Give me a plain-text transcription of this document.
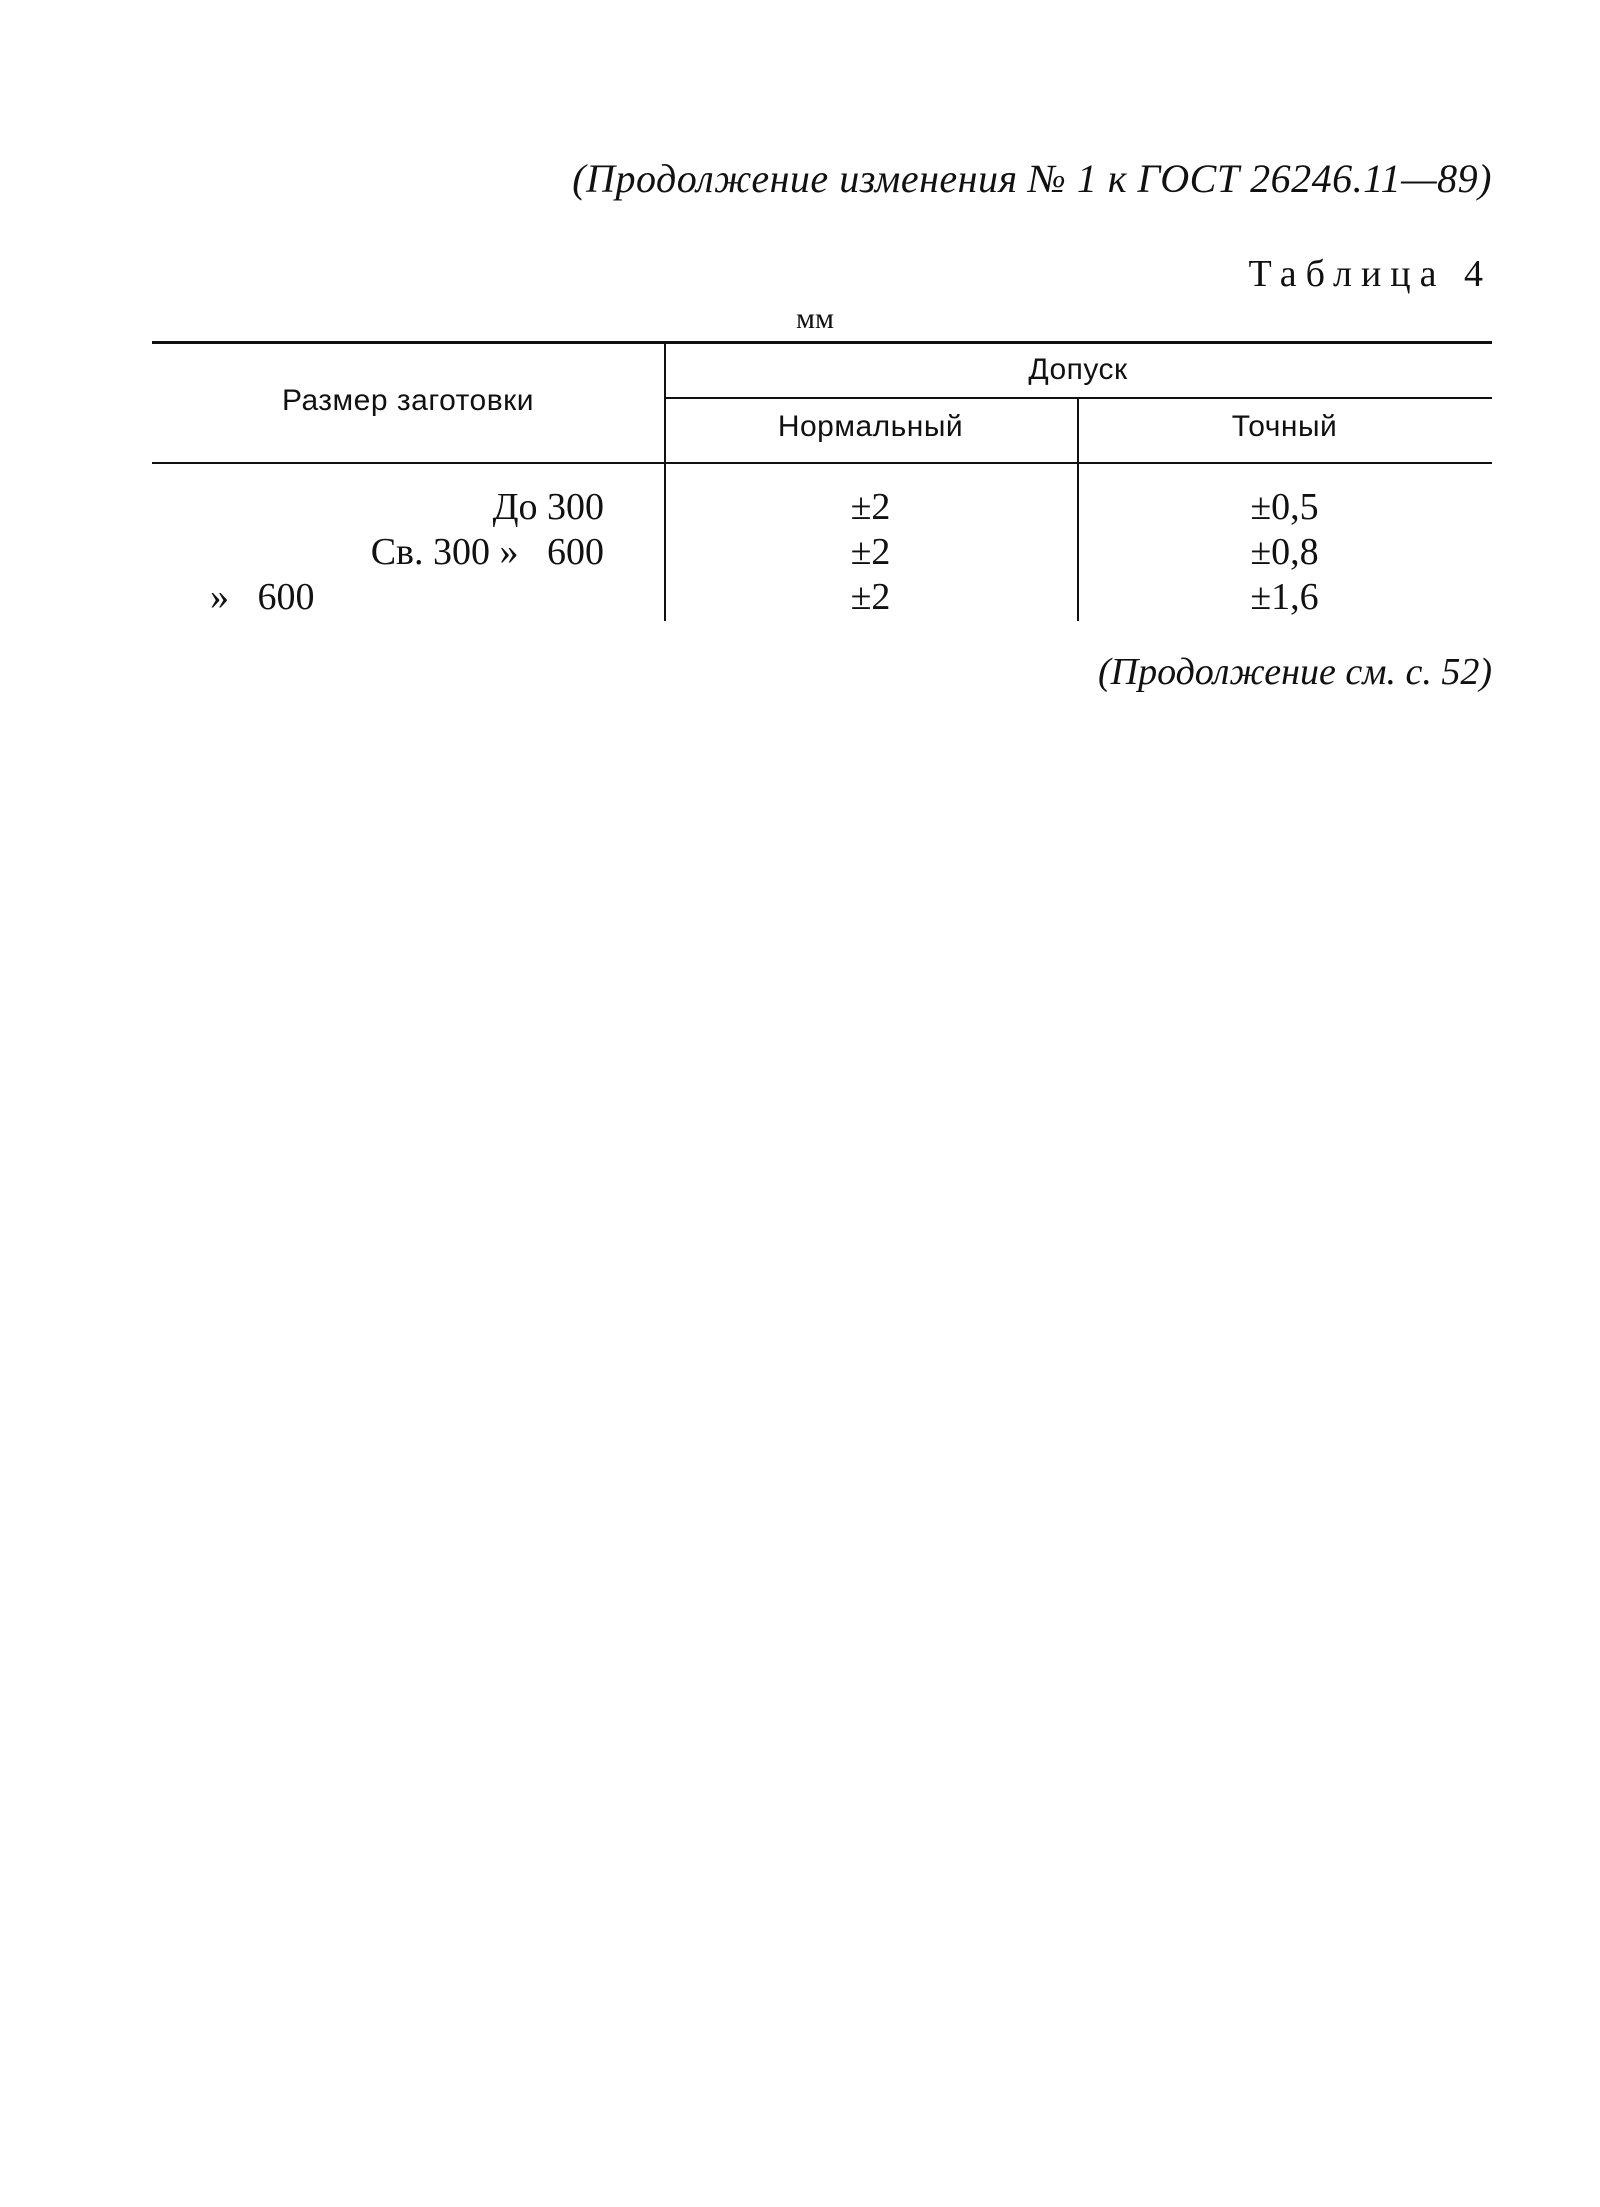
(Продолжение изменения № 1 к ГОСТ 26246.11—89)
Таблица 4
мм
Размер заготовки
Допуск
Нормальный	Точный
До 300	±2	±0,5
Св. 300 »   600	±2	±0,8
»   600	±2	±1,6
(Продолжение см. с. 52)
